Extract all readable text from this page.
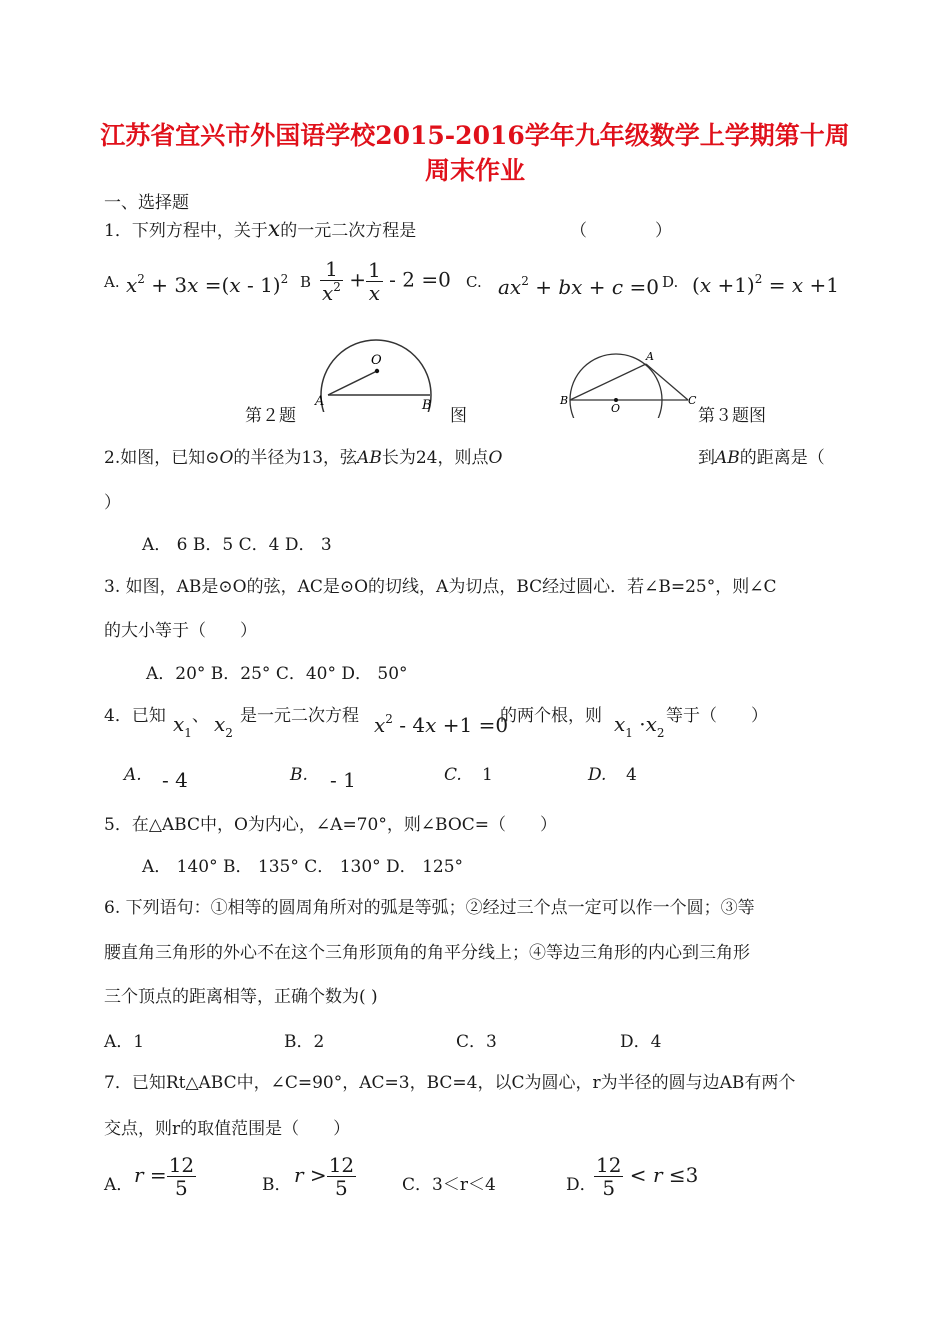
江苏省宜兴市外国语学校2015-2016学年九年级数学上学期第十周
周末作业
一、选择题
1．下列方程中，关于x的一元二次方程是	（　　　　）
A. $x^2 + 3x =(x - 1)^2$ B $\frac{1}{x^2} + \frac{1}{x} - 2 =0$ C. $ax^2$ + bx + c =0 D. $(x +1)^2 = x +1$
O
A	B
第２题	图
A
B
O
C
第３题图
2.如图，已知⊙O的半径为13，弦AB长为24，则点O	到AB的距离是（
）
A． 6 B．5 C．4 D． 3
3. 如图，AB是⊙O的弦，AC是⊙O的切线，A为切点，BC经过圆心．若∠B=25°，则∠C
的大小等于（　　）
A．20° B．25° C．40° D． 50°
4．已知 $x_1$
、 $x_2$
是一元二次方程 $x^2 - 4x +1 =0$
的两个根，则 $x_1 \cdot x_2$
等于（　　）
A. - 4	B. - 1	C. 1	D. 4
5．在△ABC中，O为内心，∠A=70°，则∠BOC=（　　）
A． 140° B． 135° C． 130° D． 125°
6. 下列语句：①相等的圆周角所对的弧是等弧；②经过三个点一定可以作一个圆；③等
腰直角三角形的外心不在这个三角形顶角的角平分线上；④等边三角形的内心到三角形
三个顶点的距离相等，正确个数为( )
A．1	B．2	C．3	D．4
7．已知Rt△ABC中，∠C=90°，AC=3，BC=4，以C为圆心，r为半径的圆与边AB有两个
交点，则r的取值范围是（　　）
A． $r = \frac{12}{5}$	B． $r > \frac{12}{5}$	C．3＜r＜4	D．
$\frac{12}{5} < r \le 3$
